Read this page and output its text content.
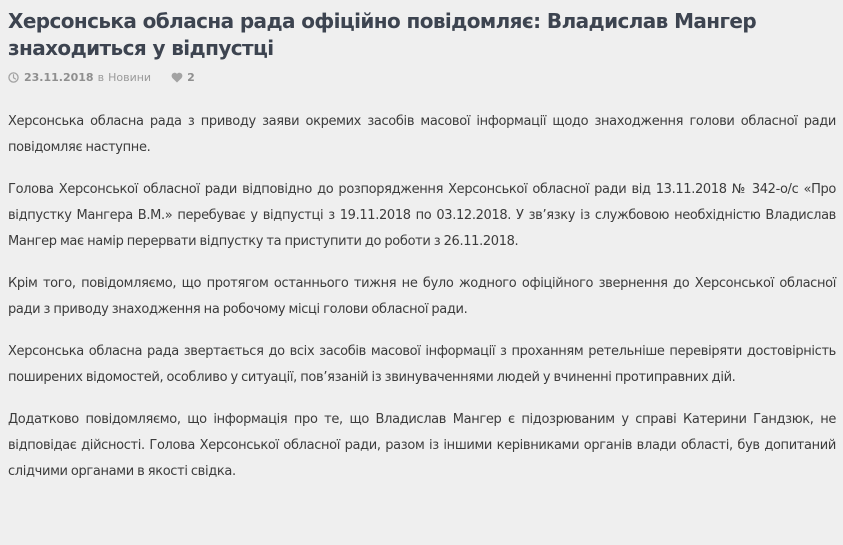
Херсонська обласна рада офіційно повідомляє: Владислав Мангер знаходиться у відпустці
23.11.2018 в Новини	2

Херсонська обласна рада з приводу заяви окремих засобів масової інформації щодо знаходження голови обласної ради повідомляє наступне.

Голова Херсонської обласної ради відповідно до розпорядження Херсонської обласної ради від 13.11.2018 № 342-о/с «Про відпустку Мангера В.М.» перебуває у відпустці з 19.11.2018 по 03.12.2018. У зв’язку із службовою необхідністю Владислав Мангер має намір перервати відпустку та приступити до роботи з 26.11.2018.

Крім того, повідомляємо, що протягом останнього тижня не було жодного офіційного звернення до Херсонської обласної ради з приводу знаходження на робочому місці голови обласної ради.

Херсонська обласна рада звертається до всіх засобів масової інформації з проханням ретельніше перевіряти достовірність поширених відомостей, особливо у ситуації, пов’язаній із звинуваченнями людей у вчиненні протиправних дій.

Додатково повідомляємо, що інформація про те, що Владислав Мангер є підозрюваним у справі Катерини Гандзюк, не відповідає дійсності. Голова Херсонської обласної ради, разом із іншими керівниками органів влади області, був допитаний слідчими органами в якості свідка.
